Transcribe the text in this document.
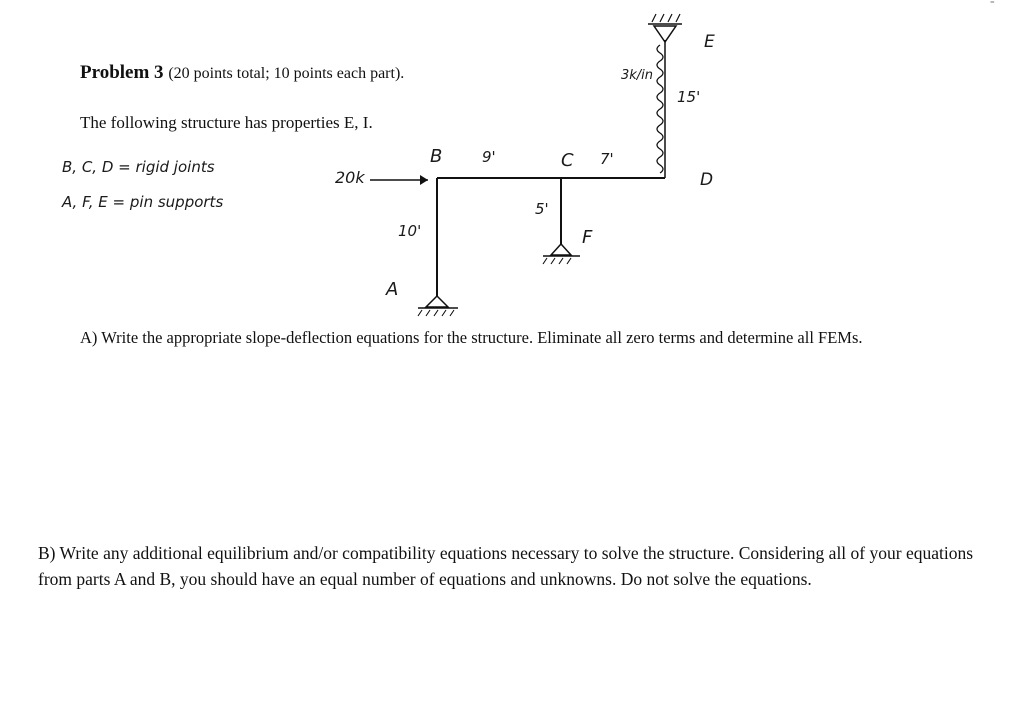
Problem 3 (20 points total; 10 points each part).
The following structure has properties E, I.
B, C, D = rigid joints
A, F, E = pin supports
20k
B	C
D
E
A
F
9'	7'
10'
5'
15'
3k/in
A) Write the appropriate slope-deflection equations for the structure. Eliminate all zero terms and determine all FEMs.
B) Write any additional equilibrium and/or compatibility equations necessary to solve the structure. Considering all of your equations from parts A and B, you should have an equal number of equations and unknowns. Do not solve the equations.
-
